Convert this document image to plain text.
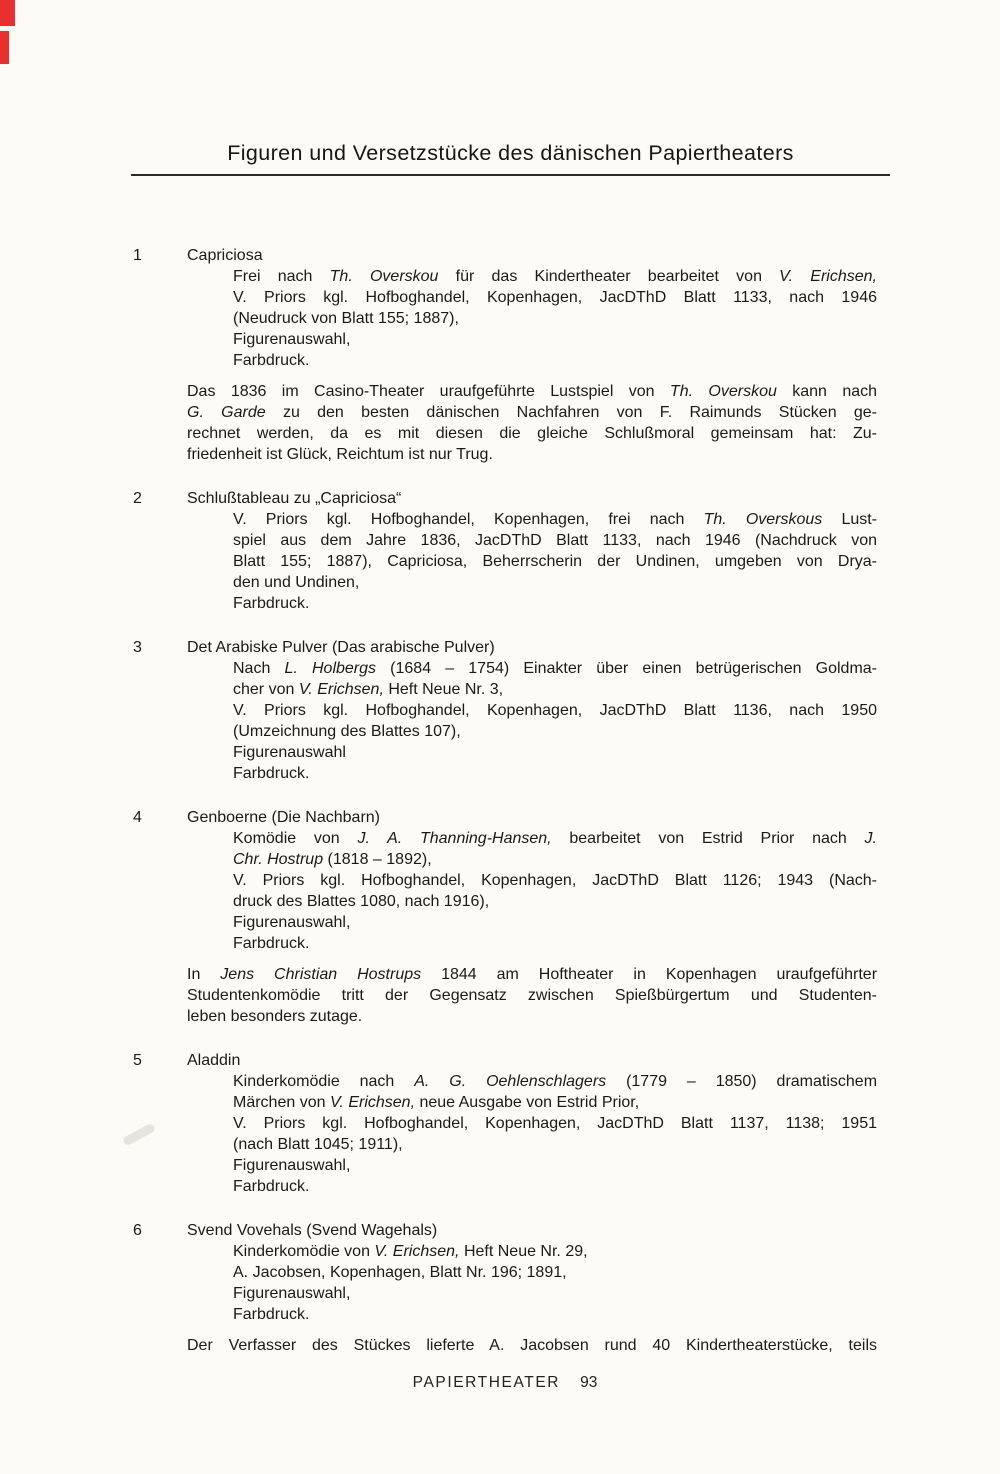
Figuren und Versetzstücke des dänischen Papiertheaters
1	Capriciosa
Frei nach Th. Overskou für das Kindertheater bearbeitet von V. Erichsen,
V. Priors kgl. Hofboghandel, Kopenhagen, JacDThD Blatt 1133, nach 1946
(Neudruck von Blatt 155; 1887),
Figurenauswahl,
Farbdruck.
Das 1836 im Casino-Theater uraufgeführte Lustspiel von Th. Overskou kann nach
G. Garde zu den besten dänischen Nachfahren von F. Raimunds Stücken ge-
rechnet werden, da es mit diesen die gleiche Schlußmoral gemeinsam hat: Zu-
friedenheit ist Glück, Reichtum ist nur Trug.
2	Schlußtableau zu „Capriciosa“
V. Priors kgl. Hofboghandel, Kopenhagen, frei nach Th. Overskous Lust-
spiel aus dem Jahre 1836, JacDThD Blatt 1133, nach 1946 (Nachdruck von
Blatt 155; 1887), Capriciosa, Beherrscherin der Undinen, umgeben von Drya-
den und Undinen,
Farbdruck.
3	Det Arabiske Pulver (Das arabische Pulver)
Nach L. Holbergs (1684 – 1754) Einakter über einen betrügerischen Goldma-
cher von V. Erichsen, Heft Neue Nr. 3,
V. Priors kgl. Hofboghandel, Kopenhagen, JacDThD Blatt 1136, nach 1950
(Umzeichnung des Blattes 107),
Figurenauswahl
Farbdruck.
4	Genboerne (Die Nachbarn)
Komödie von J. A. Thanning-Hansen, bearbeitet von Estrid Prior nach J.
Chr. Hostrup (1818 – 1892),
V. Priors kgl. Hofboghandel, Kopenhagen, JacDThD Blatt 1126; 1943 (Nach-
druck des Blattes 1080, nach 1916),
Figurenauswahl,
Farbdruck.
In Jens Christian Hostrups 1844 am Hoftheater in Kopenhagen uraufgeführter
Studentenkomödie tritt der Gegensatz zwischen Spießbürgertum und Studenten-
leben besonders zutage.
5	Aladdin
Kinderkomödie nach A. G. Oehlenschlagers (1779 – 1850) dramatischem
Märchen von V. Erichsen, neue Ausgabe von Estrid Prior,
V. Priors kgl. Hofboghandel, Kopenhagen, JacDThD Blatt 1137, 1138; 1951
(nach Blatt 1045; 1911),
Figurenauswahl,
Farbdruck.
6	Svend Vovehals (Svend Wagehals)
Kinderkomödie von V. Erichsen, Heft Neue Nr. 29,
A. Jacobsen, Kopenhagen, Blatt Nr. 196; 1891,
Figurenauswahl,
Farbdruck.
Der Verfasser des Stückes lieferte A. Jacobsen rund 40 Kindertheaterstücke, teils
PAPIERTHEATER 93
